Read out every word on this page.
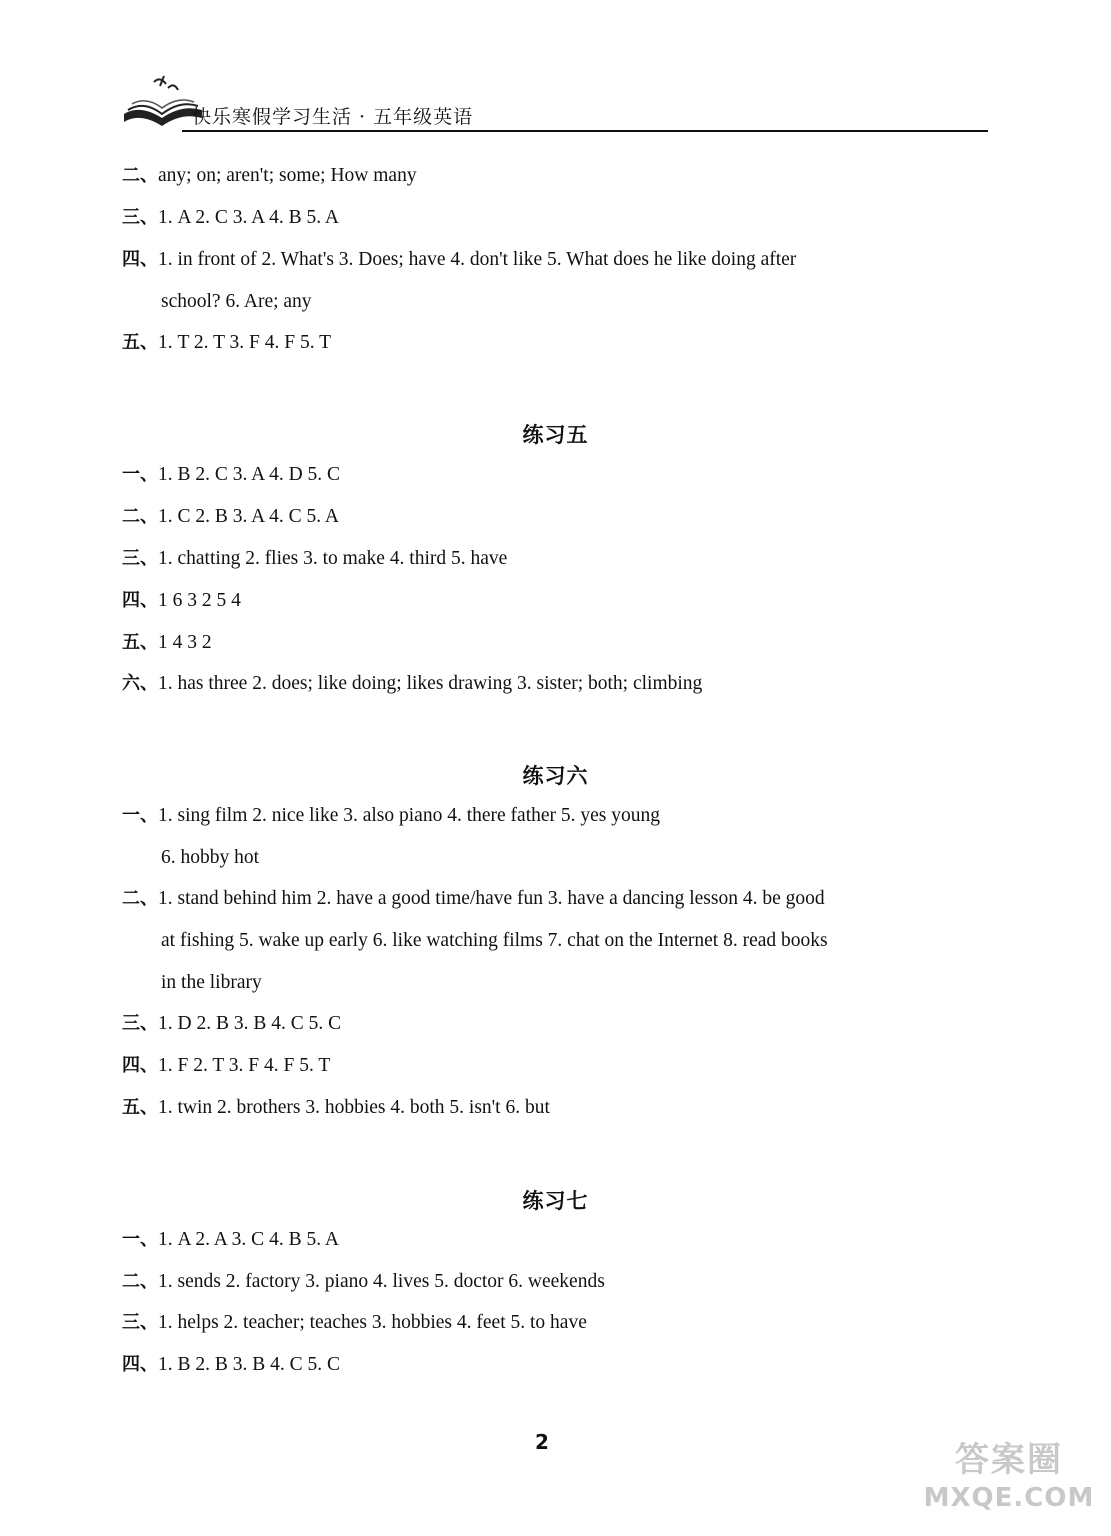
快乐寒假学习生活 · 五年级英语
二、any; on; aren't; some; How many
三、1. A 2. C 3. A 4. B 5. A
四、1. in front of 2. What's 3. Does; have 4. don't like 5. What does he like doing after
school? 6. Are; any
五、1. T 2. T 3. F 4. F 5. T
练习五
一、1. B 2. C 3. A 4. D 5. C
二、1. C 2. B 3. A 4. C 5. A
三、1. chatting 2. flies 3. to make 4. third 5. have
四、1 6 3 2 5 4
五、1 4 3 2
六、1. has three 2. does; like doing; likes drawing 3. sister; both; climbing
练习六
一、1. sing film 2. nice like 3. also piano 4. there father 5. yes young
6. hobby hot
二、1. stand behind him 2. have a good time/have fun 3. have a dancing lesson 4. be good
at fishing 5. wake up early 6. like watching films 7. chat on the Internet 8. read books
in the library
三、1. D 2. B 3. B 4. C 5. C
四、1. F 2. T 3. F 4. F 5. T
五、1. twin 2. brothers 3. hobbies 4. both 5. isn't 6. but
练习七
一、1. A 2. A 3. C 4. B 5. A
二、1. sends 2. factory 3. piano 4. lives 5. doctor 6. weekends
三、1. helps 2. teacher; teaches 3. hobbies 4. feet 5. to have
四、1. B 2. B 3. B 4. C 5. C
2	答案圈
MXQE.COM
